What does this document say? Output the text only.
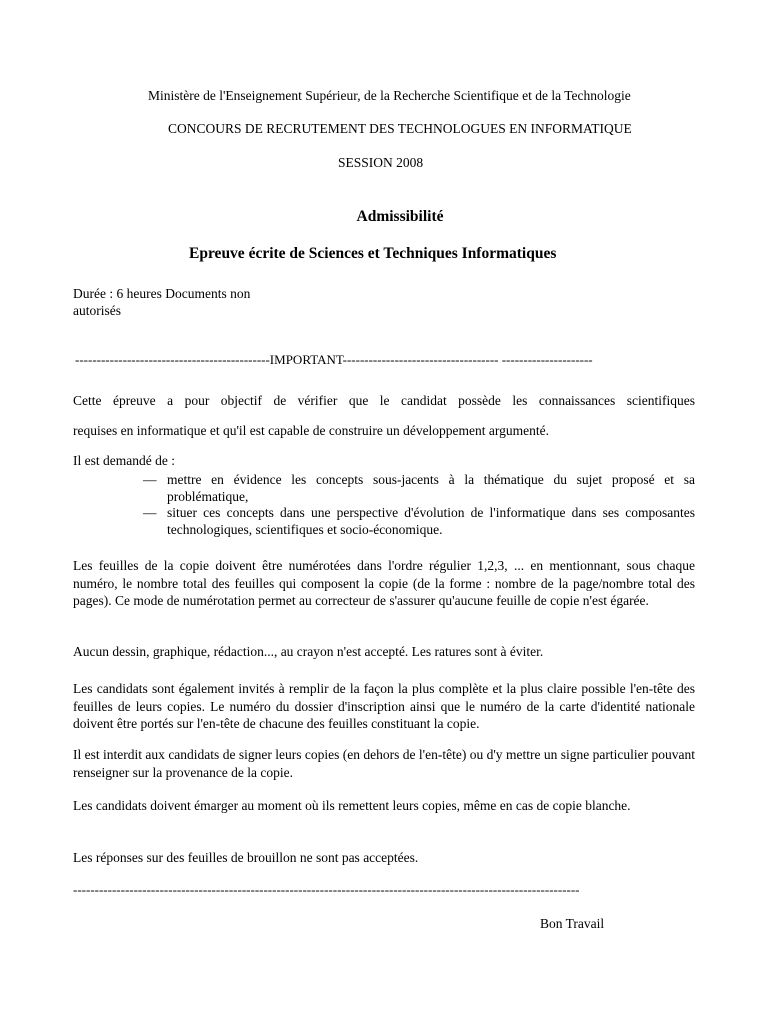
Ministère de l'Enseignement Supérieur, de la Recherche Scientifique et de la Technologie
CONCOURS DE RECRUTEMENT DES TECHNOLOGUES EN INFORMATIQUE
SESSION 2008
Admissibilité
Epreuve écrite de Sciences et Techniques Informatiques
Durée : 6 heures Documents non autorisés
---------------------------------------------IMPORTANT------------------------------------ ---------------------
Cette épreuve a pour objectif de vérifier que le candidat possède les connaissances scientifiques
requises en informatique et qu'il est capable de construire un développement argumenté.
Il est demandé de :
— mettre en évidence les concepts sous-jacents à la thématique du sujet proposé et sa problématique,
— situer ces concepts dans une perspective d'évolution de l'informatique dans ses composantes technologiques, scientifiques et socio-économique.
Les feuilles de la copie doivent être numérotées dans l'ordre régulier 1,2,3, ... en mentionnant, sous chaque numéro, le nombre total des feuilles qui composent la copie (de la forme : nombre de la page/nombre total des pages). Ce mode de numérotation permet au correcteur de s'assurer qu'aucune feuille de copie n'est égarée.
Aucun dessin, graphique, rédaction..., au crayon n'est accepté. Les ratures sont à éviter.
Les candidats sont également invités à remplir de la façon la plus complète et la plus claire possible l'en-tête des feuilles de leurs copies. Le numéro du dossier d'inscription ainsi que le numéro de la carte d'identité nationale doivent être portés sur l'en-tête de chacune des feuilles constituant la copie.
Il est interdit aux candidats de signer leurs copies (en dehors de l'en-tête) ou d'y mettre un signe particulier pouvant renseigner sur la provenance de la copie.
Les candidats doivent émarger au moment où ils remettent leurs copies, même en cas de copie blanche.
Les réponses sur des feuilles de brouillon ne sont pas acceptées.
---------------------------------------------------------------------------------------------------------------------
Bon Travail
